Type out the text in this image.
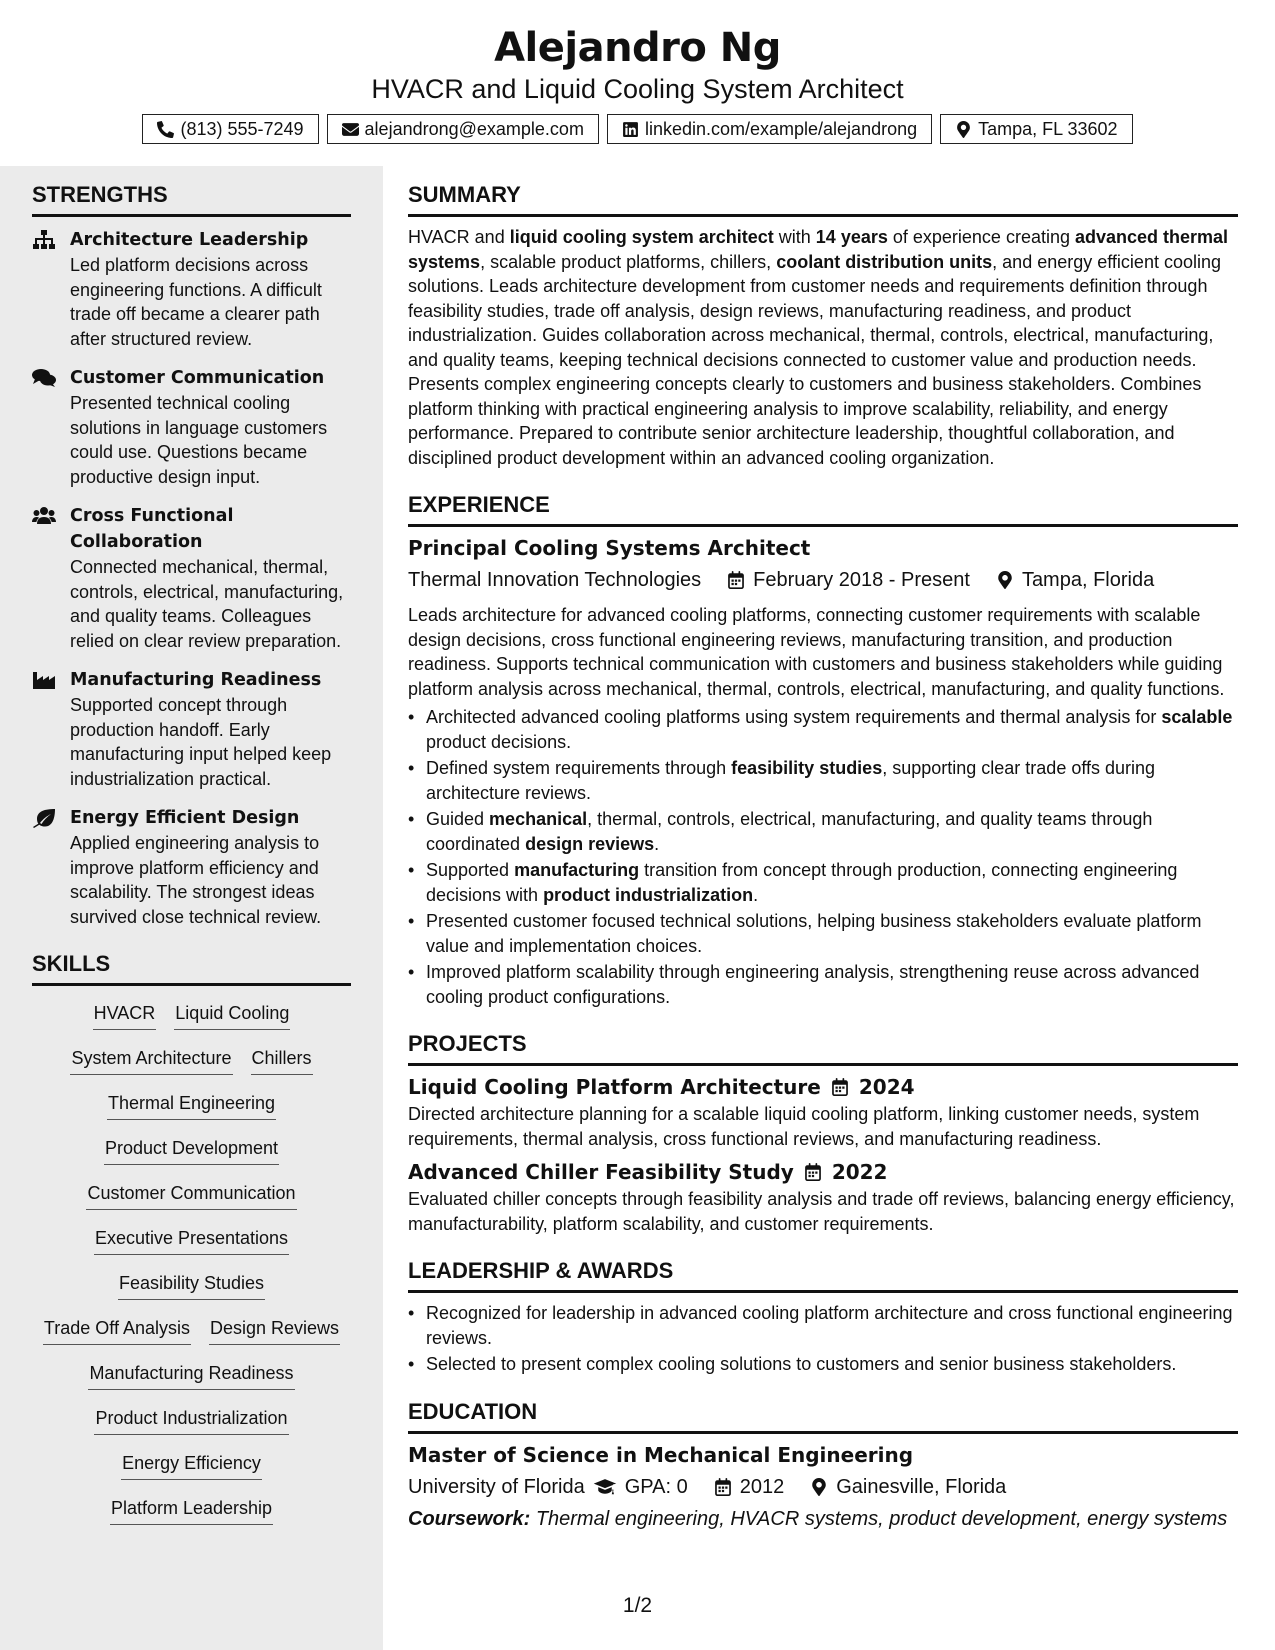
Alejandro Ng
HVACR and Liquid Cooling System Architect
(813) 555-7249	alejandrong@example.com	linkedin.com/example/alejandrong	Tampa, FL 33602
STRENGTHS
Architecture Leadership
Led platform decisions across engineering functions. A difficult trade off became a clearer path after structured review.
Customer Communication
Presented technical cooling solutions in language customers could use. Questions became productive design input.
Cross Functional Collaboration
Connected mechanical, thermal, controls, electrical, manufacturing, and quality teams. Colleagues relied on clear review preparation.
Manufacturing Readiness
Supported concept through production handoff. Early manufacturing input helped keep industrialization practical.
Energy Efficient Design
Applied engineering analysis to improve platform efficiency and scalability. The strongest ideas survived close technical review.
SKILLS
HVACR Liquid Cooling
System Architecture Chillers
Thermal Engineering
Product Development
Customer Communication
Executive Presentations
Feasibility Studies
Trade Off Analysis Design Reviews
Manufacturing Readiness
Product Industrialization
Energy Efficiency
Platform Leadership
SUMMARY
HVACR and liquid cooling system architect with 14 years of experience creating advanced thermal systems, scalable product platforms, chillers, coolant distribution units, and energy efficient cooling solutions. Leads architecture development from customer needs and requirements definition through feasibility studies, trade off analysis, design reviews, manufacturing readiness, and product industrialization. Guides collaboration across mechanical, thermal, controls, electrical, manufacturing, and quality teams, keeping technical decisions connected to customer value and production needs. Presents complex engineering concepts clearly to customers and business stakeholders. Combines platform thinking with practical engineering analysis to improve scalability, reliability, and energy performance. Prepared to contribute senior architecture leadership, thoughtful collaboration, and disciplined product development within an advanced cooling organization.
EXPERIENCE
Principal Cooling Systems Architect
Thermal Innovation Technologies	February 2018 - Present	Tampa, Florida
Leads architecture for advanced cooling platforms, connecting customer requirements with scalable design decisions, cross functional engineering reviews, manufacturing transition, and production readiness. Supports technical communication with customers and business stakeholders while guiding platform analysis across mechanical, thermal, controls, electrical, manufacturing, and quality functions.
• Architected advanced cooling platforms using system requirements and thermal analysis for scalable product decisions.
• Defined system requirements through feasibility studies, supporting clear trade offs during architecture reviews.
• Guided mechanical, thermal, controls, electrical, manufacturing, and quality teams through coordinated design reviews.
• Supported manufacturing transition from concept through production, connecting engineering decisions with product industrialization.
• Presented customer focused technical solutions, helping business stakeholders evaluate platform value and implementation choices.
• Improved platform scalability through engineering analysis, strengthening reuse across advanced cooling product configurations.
PROJECTS
Liquid Cooling Platform Architecture 2024
Directed architecture planning for a scalable liquid cooling platform, linking customer needs, system requirements, thermal analysis, cross functional reviews, and manufacturing readiness.
Advanced Chiller Feasibility Study 2022
Evaluated chiller concepts through feasibility analysis and trade off reviews, balancing energy efficiency, manufacturability, platform scalability, and customer requirements.
LEADERSHIP & AWARDS
• Recognized for leadership in advanced cooling platform architecture and cross functional engineering reviews.
• Selected to present complex cooling solutions to customers and senior business stakeholders.
EDUCATION
Master of Science in Mechanical Engineering
University of Florida GPA: 0	2012	Gainesville, Florida
Coursework: Thermal engineering, HVACR systems, product development, energy systems
1/2
